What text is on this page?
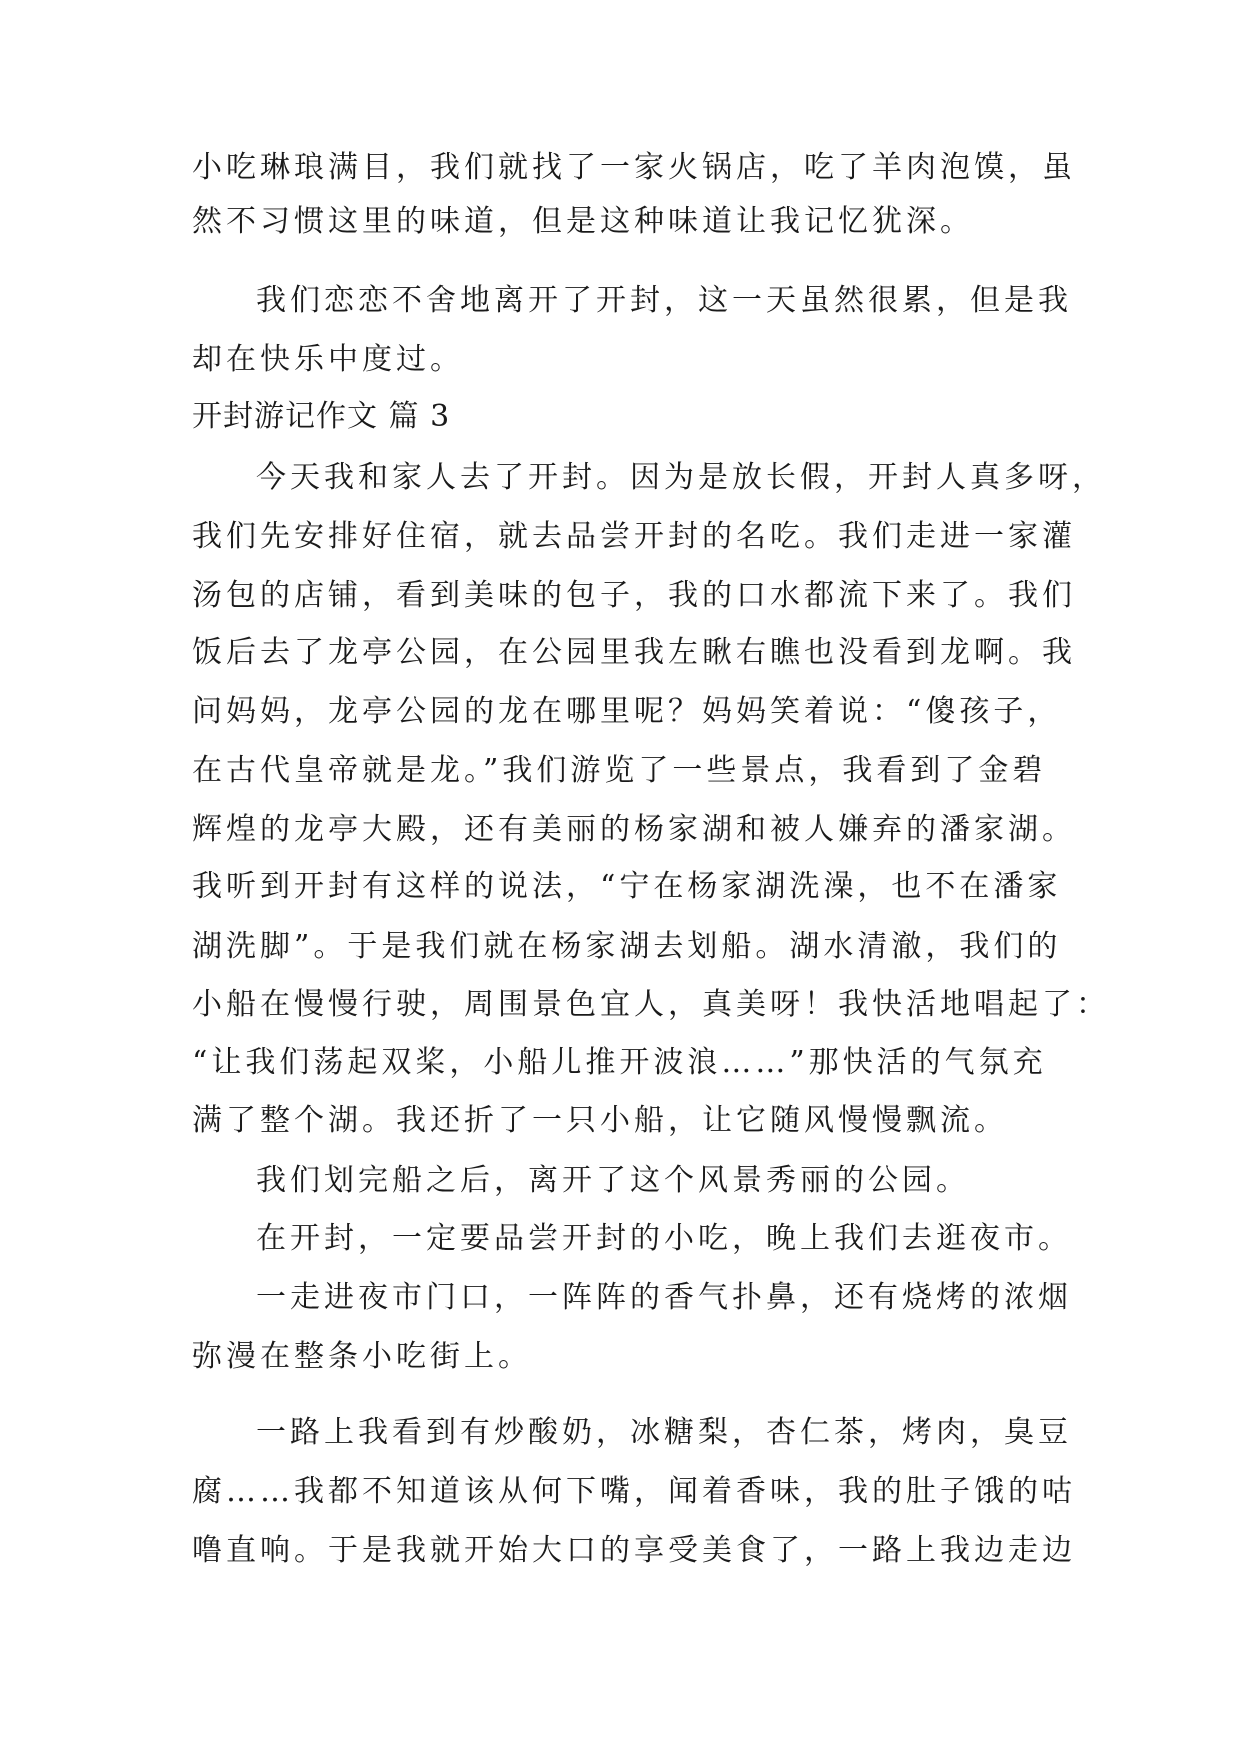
小吃琳琅满目，我们就找了一家火锅店，吃了羊肉泡馍，虽

然不习惯这里的味道，但是这种味道让我记忆犹深。

我们恋恋不舍地离开了开封，这一天虽然很累，但是我

却在快乐中度过。

开封游记作文 篇 3

今天我和家人去了开封。因为是放长假，开封人真多呀，

我们先安排好住宿，就去品尝开封的名吃。我们走进一家灌

汤包的店铺，看到美味的包子，我的口水都流下来了。我们

饭后去了龙亭公园，在公园里我左瞅右瞧也没看到龙啊。我

问妈妈，龙亭公园的龙在哪里呢？妈妈笑着说：“傻孩子，

在古代皇帝就是龙。”我们游览了一些景点，我看到了金碧

辉煌的龙亭大殿，还有美丽的杨家湖和被人嫌弃的潘家湖。

我听到开封有这样的说法，“宁在杨家湖洗澡，也不在潘家

湖洗脚”。于是我们就在杨家湖去划船。湖水清澈，我们的

小船在慢慢行驶，周围景色宜人，真美呀！我快活地唱起了：

“让我们荡起双桨，小船儿推开波浪……”那快活的气氛充

满了整个湖。我还折了一只小船，让它随风慢慢飘流。

我们划完船之后，离开了这个风景秀丽的公园。

在开封，一定要品尝开封的小吃，晚上我们去逛夜市。

一走进夜市门口，一阵阵的香气扑鼻，还有烧烤的浓烟

弥漫在整条小吃街上。

一路上我看到有炒酸奶，冰糖梨，杏仁茶，烤肉，臭豆

腐……我都不知道该从何下嘴，闻着香味，我的肚子饿的咕

噜直响。于是我就开始大口的享受美食了，一路上我边走边
